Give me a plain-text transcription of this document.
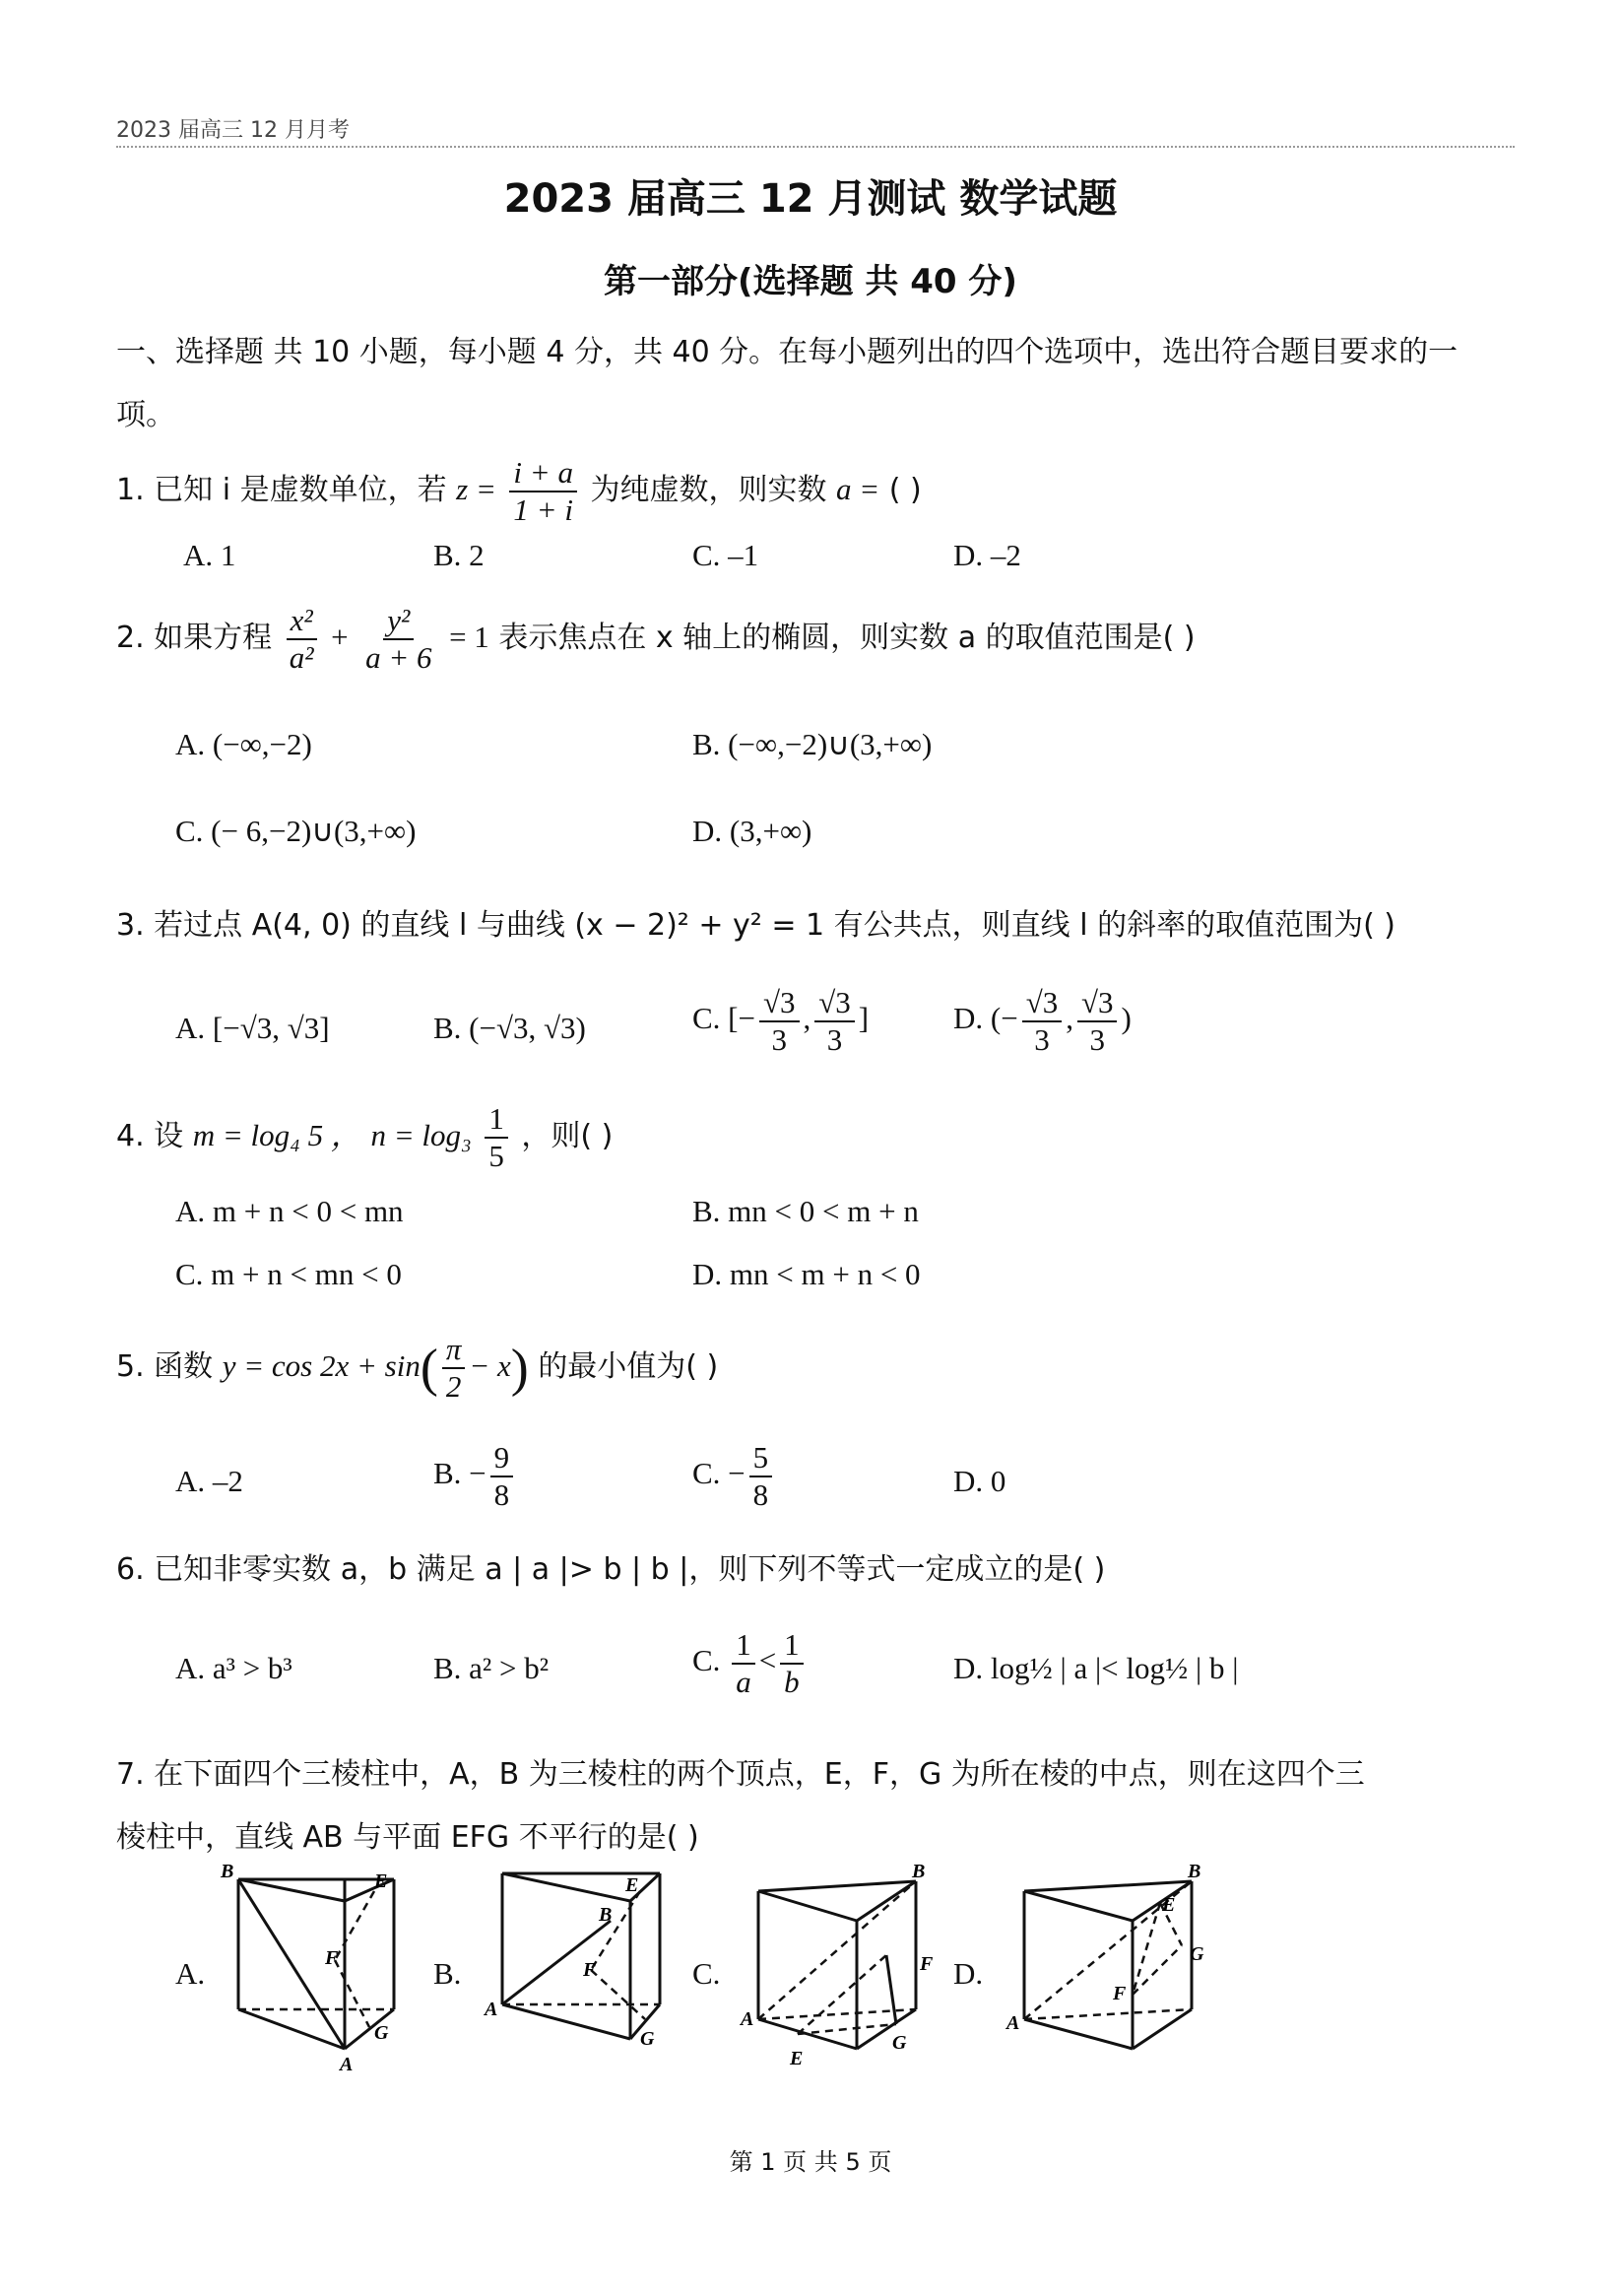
2023 届高三 12 月月考
2023 届高三 12 月测试 数学试题
第一部分(选择题 共 40 分)
一、选择题 共 10 小题，每小题 4 分，共 40 分。在每小题列出的四个选项中，选出符合题目要求的一项。
1. 已知 i 是虚数单位，若 $z = \frac{i + a}{1 + i}$ 为纯虚数，则实数 a = ( )
A. 1	B. 2	C. –1	D. –2
2. 如果方程 $\frac{\text{x²}}{\text{a²}} + \frac{\text{y²}}{a + 6} = 1$ 表示焦点在 x 轴上的椭圆，则实数 a 的取值范围是( )
A. (−∞,−2)	B. (−∞,−2)∪(3,+∞)
C. (− 6,−2)∪(3,+∞)	D. (3,+∞)
3. 若过点 A(4, 0) 的直线 l 与曲线 (x − 2)² + y² = 1 有公共点，则直线 l 的斜率的取值范围为( )
A. [−√3, √3]	B. (−√3, √3)	C. [− $\frac{√3}{3}$ , $\frac{√3}{3}$ ]	D. (− $\frac{√3}{3}$ , $\frac{√3}{3}$ )
4. 设 m = log₄ 5 ， $n = \log_3 \frac{1}{5}$ ，则( )
A. m + n < 0 < mn	B. mn < 0 < m + n
C. m + n < mn < 0	D. mn < m + n < 0
5. 函数 $y = \cos 2x + \sin( \frac{\pi}{2} - x)$ 的最小值为( )
A. –2	B. − $\frac{9}{8}$	C. − $\frac{5}{8}$	D. 0
6. 已知非零实数 a，b 满足 a | a |> b | b |，则下列不等式一定成立的是( )
A. a³ > b³	B. a² > b²	C. $\frac{1}{a} < \frac{1}{b}$	D. log½ | a |< log½ | b |
7. 在下面四个三棱柱中，A，B 为三棱柱的两个顶点，E，F，G 为所在棱的中点，则在这四个三
棱柱中，直线 AB 与平面 EFG 不平行的是( )
A.	B.	C.	D.
B	E
F
G
A
E
B
F
A
G
B
F
A
G
E
B
E
G
F
A
第 1 页 共 5 页
